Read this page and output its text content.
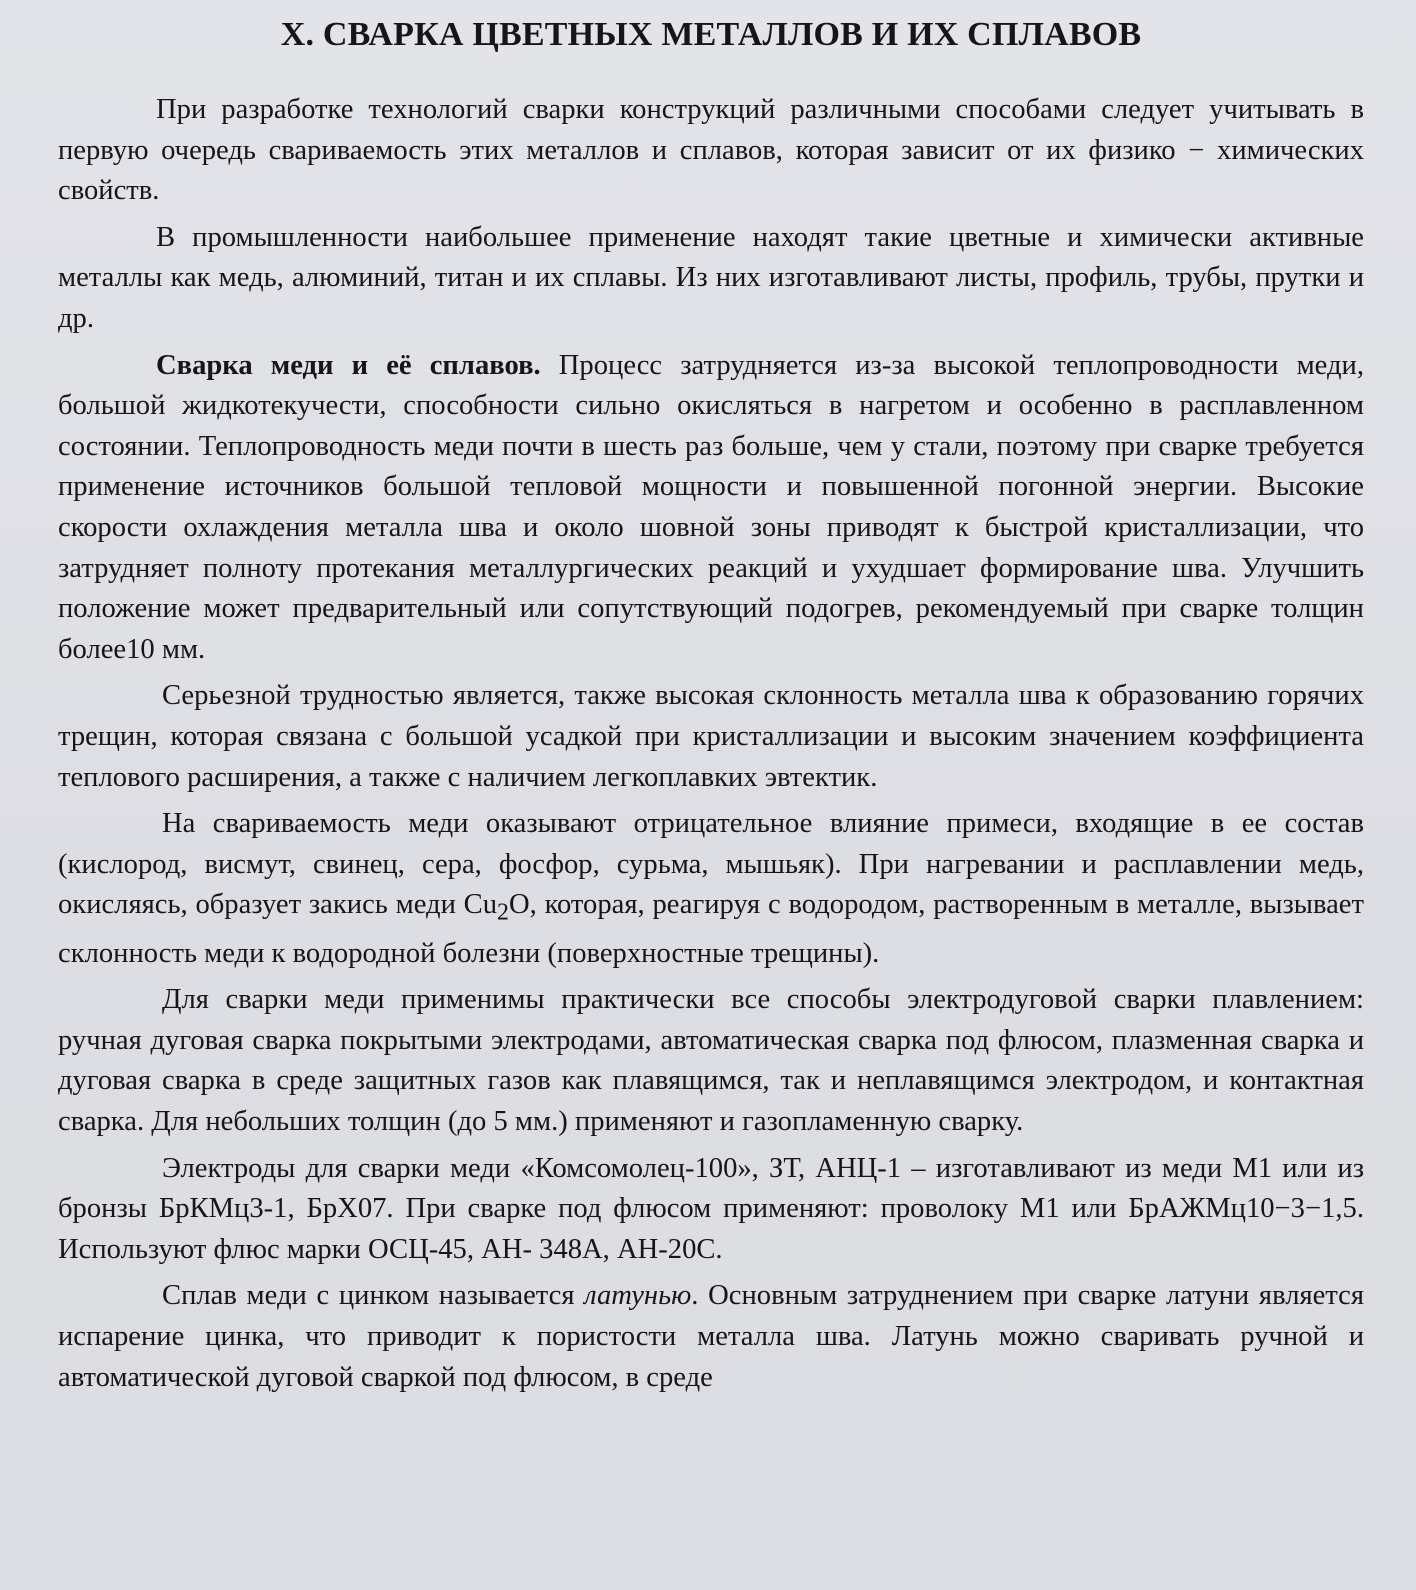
X. СВАРКА ЦВЕТНЫХ МЕТАЛЛОВ И ИХ СПЛАВОВ

При разработке технологий сварки конструкций различными способами следует учитывать в первую очередь свариваемость этих металлов и сплавов, которая зависит от их физико − химических свойств.

В промышленности наибольшее применение находят такие цветные и химически активные металлы как медь, алюминий, титан и их сплавы. Из них изготавливают листы, профиль, трубы, прутки и др.

Сварка меди и её сплавов. Процесс затрудняется из-за высокой теплопроводности меди, большой жидкотекучести, способности сильно окисляться в нагретом и особенно в расплавленном состоянии. Теплопроводность меди почти в шесть раз больше, чем у стали, поэтому при сварке требуется применение источников большой тепловой мощности и повышенной погонной энергии. Высокие скорости охлаждения металла шва и около шовной зоны приводят к быстрой кристаллизации, что затрудняет полноту протекания металлургических реакций и ухудшает формирование шва. Улучшить положение может предварительный или сопутствующий подогрев, рекомендуемый при сварке толщин более10 мм.

Серьезной трудностью является, также высокая склонность металла шва к образованию горячих трещин, которая связана с большой усадкой при кристаллизации и высоким значением коэффициента теплового расширения, а также с наличием легкоплавких эвтектик.

На свариваемость меди оказывают отрицательное влияние примеси, входящие в ее состав (кислород, висмут, свинец, сера, фосфор, сурьма, мышьяк). При нагревании и расплавлении медь, окисляясь, образует закись меди $Cu_2O$, которая, реагируя с водородом, растворенным в металле, вызывает склонность меди к водородной болезни (поверхностные трещины).

Для сварки меди применимы практически все способы электродуговой сварки плавлением: ручная дуговая сварка покрытыми электродами, автоматическая сварка под флюсом, плазменная сварка и дуговая сварка в среде защитных газов как плавящимся, так и неплавящимся электродом, и контактная сварка. Для небольших толщин (до 5 мм.) применяют и газопламенную сварку.

Электроды для сварки меди «Комсомолец-100», ЗТ, АНЦ-1 – изготавливают из меди М1 или из бронзы БрКМц3-1, БрХ07. При сварке под флюсом применяют: проволоку М1 или БрАЖМц10−3−1,5. Используют флюс марки ОСЦ-45, АН- 348А, АН-20С.

Сплав меди с цинком называется латунью. Основным затруднением при сварке латуни является испарение цинка, что приводит к пористости металла шва. Латунь можно сваривать ручной и автоматической дуговой сваркой под флюсом, в среде
